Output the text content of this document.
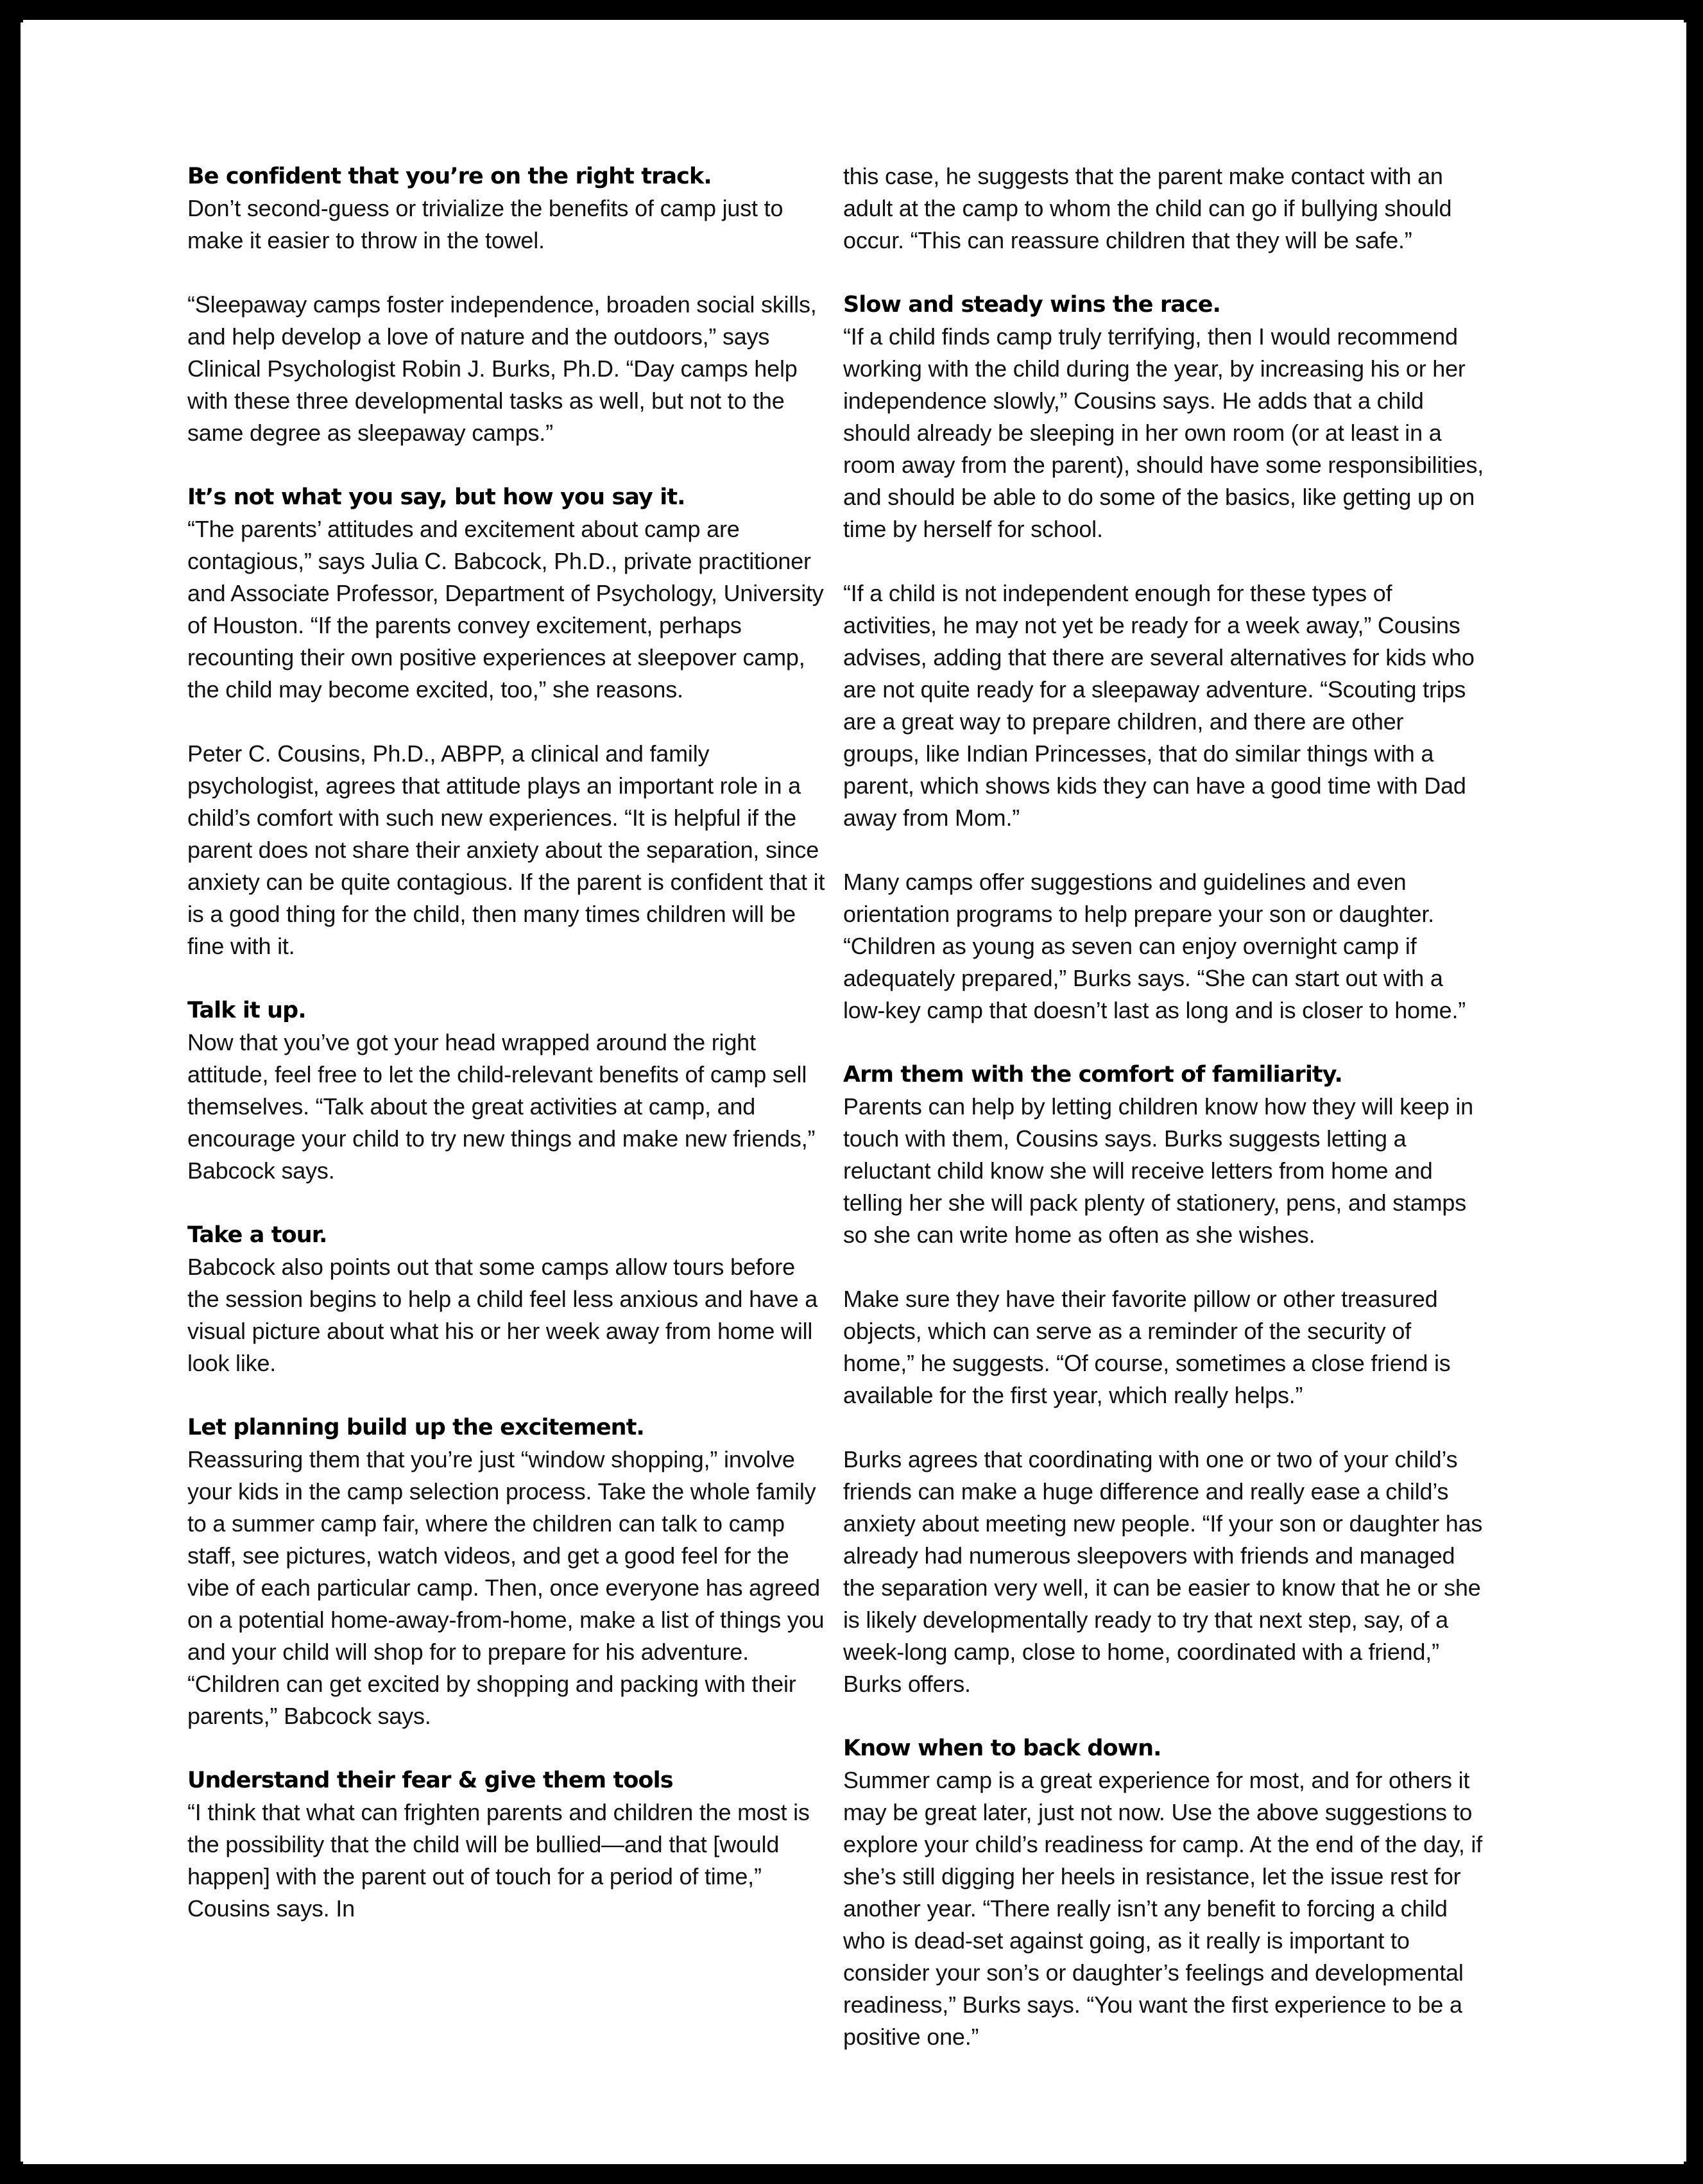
Be confident that you’re on the right track.

Don’t second-guess or trivialize the benefits of camp just to make it easier to throw in the towel.

“Sleepaway camps foster independence, broaden social skills, and help develop a love of nature and the outdoors,” says Clinical Psychologist Robin J. Burks, Ph.D. “Day camps help with these three developmental tasks as well, but not to the same degree as sleepaway camps.”

It’s not what you say, but how you say it.

“The parents’ attitudes and excitement about camp are contagious,” says Julia C. Babcock, Ph.D., private practitioner and Associate Professor, Department of Psychology, University of Houston. “If the parents convey excitement, perhaps recounting their own positive experiences at sleepover camp, the child may become excited, too,” she reasons.

Peter C. Cousins, Ph.D., ABPP, a clinical and family psychologist, agrees that attitude plays an important role in a child’s comfort with such new experiences. “It is helpful if the parent does not share their anxiety about the separation, since anxiety can be quite contagious. If the parent is confident that it is a good thing for the child, then many times children will be fine with it.

Talk it up.

Now that you’ve got your head wrapped around the right attitude, feel free to let the child-relevant benefits of camp sell themselves. “Talk about the great activities at camp, and encourage your child to try new things and make new friends,” Babcock says.

Take a tour.

Babcock also points out that some camps allow tours before the session begins to help a child feel less anxious and have a visual picture about what his or her week away from home will look like.

Let planning build up the excitement.

Reassuring them that you’re just “window shopping,” involve your kids in the camp selection process. Take the whole family to a summer camp fair, where the children can talk to camp staff, see pictures, watch videos, and get a good feel for the vibe of each particular camp. Then, once everyone has agreed on a potential home-away-from-home, make a list of things you and your child will shop for to prepare for his adventure. “Children can get excited by shopping and packing with their parents,” Babcock says.

Understand their fear & give them tools

“I think that what can frighten parents and children the most is the possibility that the child will be bullied—and that [would happen] with the parent out of touch for a period of time,” Cousins says. In

this case, he suggests that the parent make contact with an adult at the camp to whom the child can go if bullying should occur. “This can reassure children that they will be safe.”

Slow and steady wins the race.

“If a child finds camp truly terrifying, then I would recommend working with the child during the year, by increasing his or her independence slowly,” Cousins says. He adds that a child should already be sleeping in her own room (or at least in a room away from the parent), should have some responsibilities, and should be able to do some of the basics, like getting up on time by herself for school.

“If a child is not independent enough for these types of activities, he may not yet be ready for a week away,” Cousins advises, adding that there are several alternatives for kids who are not quite ready for a sleepaway adventure. “Scouting trips are a great way to prepare children, and there are other groups, like Indian Princesses, that do similar things with a parent, which shows kids they can have a good time with Dad away from Mom.”

Many camps offer suggestions and guidelines and even orientation programs to help prepare your son or daughter. “Children as young as seven can enjoy overnight camp if adequately prepared,” Burks says. “She can start out with a low-key camp that doesn’t last as long and is closer to home.”

Arm them with the comfort of familiarity.

Parents can help by letting children know how they will keep in touch with them, Cousins says. Burks suggests letting a reluctant child know she will receive letters from home and telling her she will pack plenty of stationery, pens, and stamps so she can write home as often as she wishes.

Make sure they have their favorite pillow or other treasured objects, which can serve as a reminder of the security of home,” he suggests. “Of course, sometimes a close friend is available for the first year, which really helps.”

Burks agrees that coordinating with one or two of your child’s friends can make a huge difference and really ease a child’s anxiety about meeting new people. “If your son or daughter has already had numerous sleepovers with friends and managed the separation very well, it can be easier to know that he or she is likely developmentally ready to try that next step, say, of a week-long camp, close to home, coordinated with a friend,” Burks offers.

Know when to back down.

Summer camp is a great experience for most, and for others it may be great later, just not now. Use the above suggestions to explore your child’s readiness for camp. At the end of the day, if she’s still digging her heels in resistance, let the issue rest for another year. “There really isn’t any benefit to forcing a child who is dead-set against going, as it really is important to consider your son’s or daughter’s feelings and developmental readiness,” Burks says. “You want the first experience to be a positive one.”
